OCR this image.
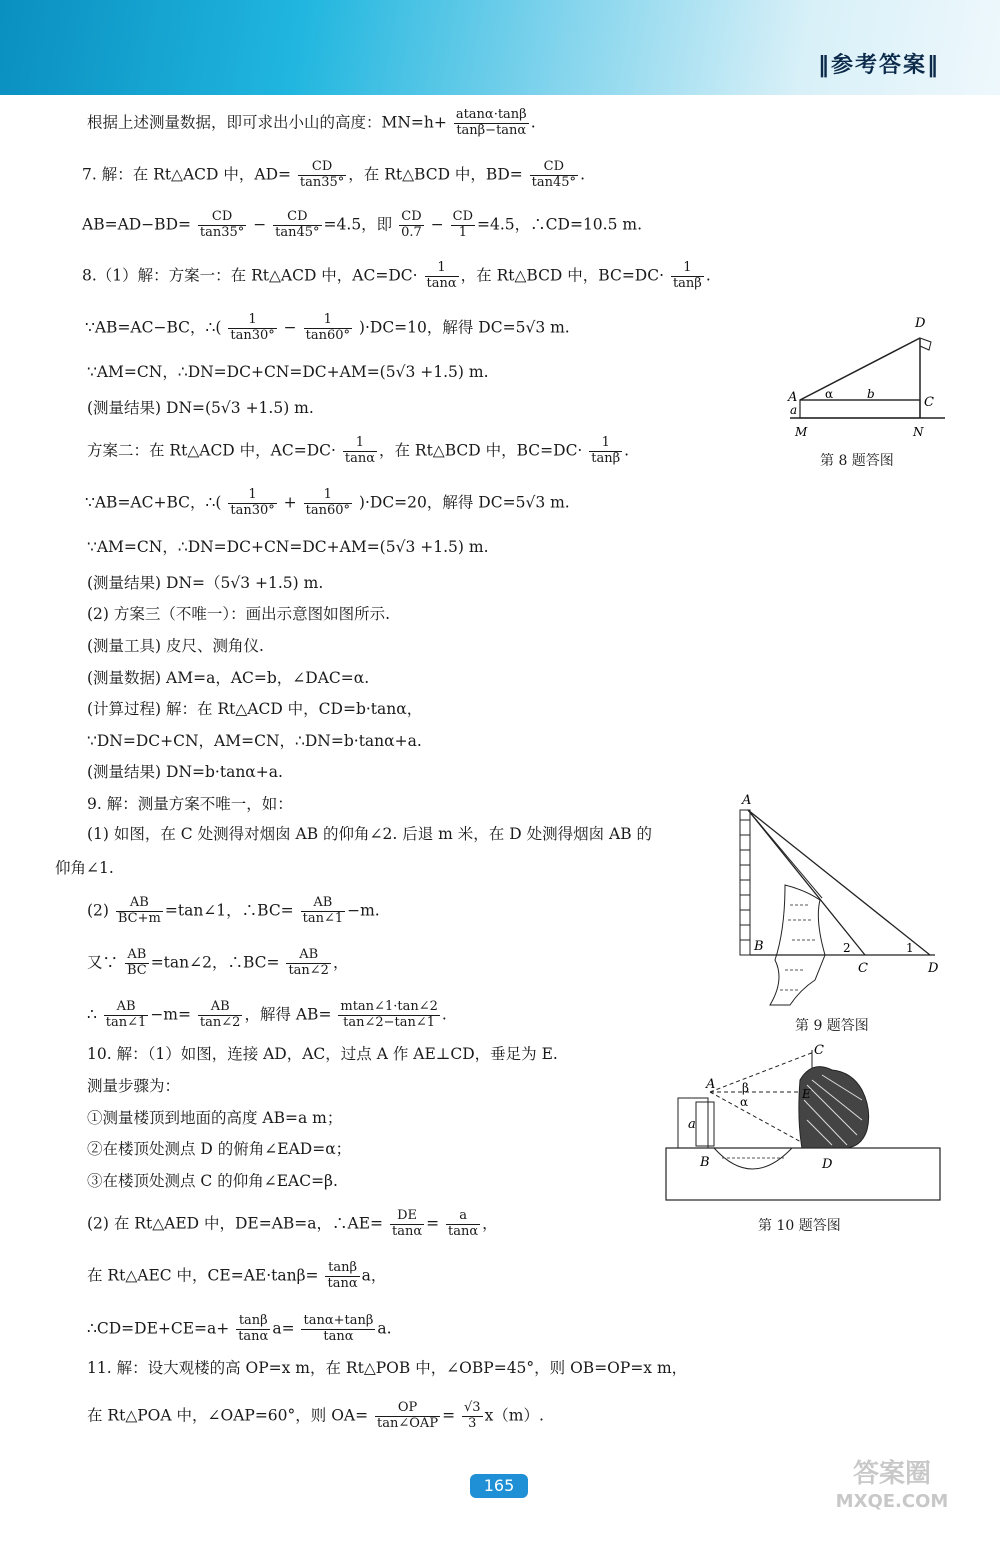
‖参考答案‖
根据上述测量数据，即可求出小山的高度：$MN=h+ \frac{atan\alpha\cdot\tan\beta}{\tan\beta-\tan\alpha}$ .
7. 解：在 Rt△ACD 中，$AD= \frac{CD}{\tan 35^\circ}$ ，在 Rt△BCD 中，$BD= \frac{CD}{\tan 45^\circ}$ .
$AB=AD-BD= \frac{CD}{\tan 35^\circ} - \frac{CD}{\tan 45^\circ} =4.5$，即 $\frac{CD}{0.7} - \frac{CD}{1} =4.5$，∴CD=10.5 m.
8.（1）解：方案一：在 Rt△ACD 中，$AC=DC\cdot \frac{1}{\tan\alpha}$ ，在 Rt△BCD 中，$BC=DC\cdot \frac{1}{\tan\beta}$ .
∵AB=AC−BC，∴( $\frac{1}{\tan 30^\circ} - \frac{1}{\tan 60^\circ} )\cdot DC=10$，解得 DC=5√3 m.
∵AM=CN，∴DN=DC+CN=DC+AM=(5√3 +1.5) m.
(测量结果) DN=(5√3 +1.5) m.
方案二：在 Rt△ACD 中，$AC=DC\cdot \frac{1}{\tan\alpha}$ ，在 Rt△BCD 中，$BC=DC\cdot \frac{1}{\tan\beta}$ .
∵AB=AC+BC，∴( $\frac{1}{\tan 30^\circ} + \frac{1}{\tan 60^\circ} )\cdot DC=20$，解得 DC=5√3 m.
∵AM=CN，∴DN=DC+CN=DC+AM=(5√3 +1.5) m.
(测量结果) DN=（5√3 +1.5) m.
(2) 方案三（不唯一）：画出示意图如图所示.
(测量工具) 皮尺、测角仪.
(测量数据) AM=a，AC=b，∠DAC=α.
(计算过程) 解：在 Rt△ACD 中，CD=b·tanα，
∵DN=DC+CN，AM=CN，∴DN=b·tanα+a.
(测量结果) DN=b·tanα+a.
9. 解：测量方案不唯一，如：
(1) 如图，在 C 处测得对烟囱 AB 的仰角∠2. 后退 m 米，在 D 处测得烟囱 AB 的
仰角∠1.
$(2) \frac{AB}{BC+m}$ =tan∠1，∴BC= $\frac{AB}{\tan\angle 1} -m$.
又∵ $\frac{AB}{BC}$ =tan∠2，∴BC= $\frac{AB}{\tan\angle 2}$ ，
∴ $\frac{AB}{\tan\angle 1} -m= \frac{AB}{\tan\angle 2}$ ，解得 $AB= \frac{mtan\angle 1\cdot\tan\angle 2}{\tan\angle 2-\tan\angle 1}$ .
10. 解：（1）如图，连接 AD，AC，过点 A 作 AE⊥CD，垂足为 E.
测量步骤为：
①测量楼顶到地面的高度 AB=a m；
②在楼顶处测点 D 的俯角∠EAD=α；
③在楼顶处测点 C 的仰角∠EAC=β.
(2) 在 Rt△AED 中，DE=AB=a，∴AE= $\frac{DE}{\tan\alpha} = \frac{a}{\tan\alpha}$ ，
在 Rt△AEC 中，$CE=AE\cdot\tan\beta= \frac{\tan\beta}{\tan\alpha}$ a，
∴CD=DE+CE=a+ $\frac{\tan\beta}{\tan\alpha} a= \frac{\tan\alpha+\tan\beta}{\tan\alpha} a$.
11. 解：设大观楼的高 OP=x m，在 Rt△POB 中，∠OBP=45°，则 OB=OP=x m，
在 Rt△POA 中，∠OAP=60°，则 $OA= \frac{OP}{\text{tan∠OAP}} = \frac{√3}{3} x(m)$.
D
A
a
α	b
C
M	N
第 8 题答图
A
B
C	D
2	1
第 9 题答图
A
a
B
C
D
E
β
α
第 10 题答图
165	答案圈
MXQE.COM
